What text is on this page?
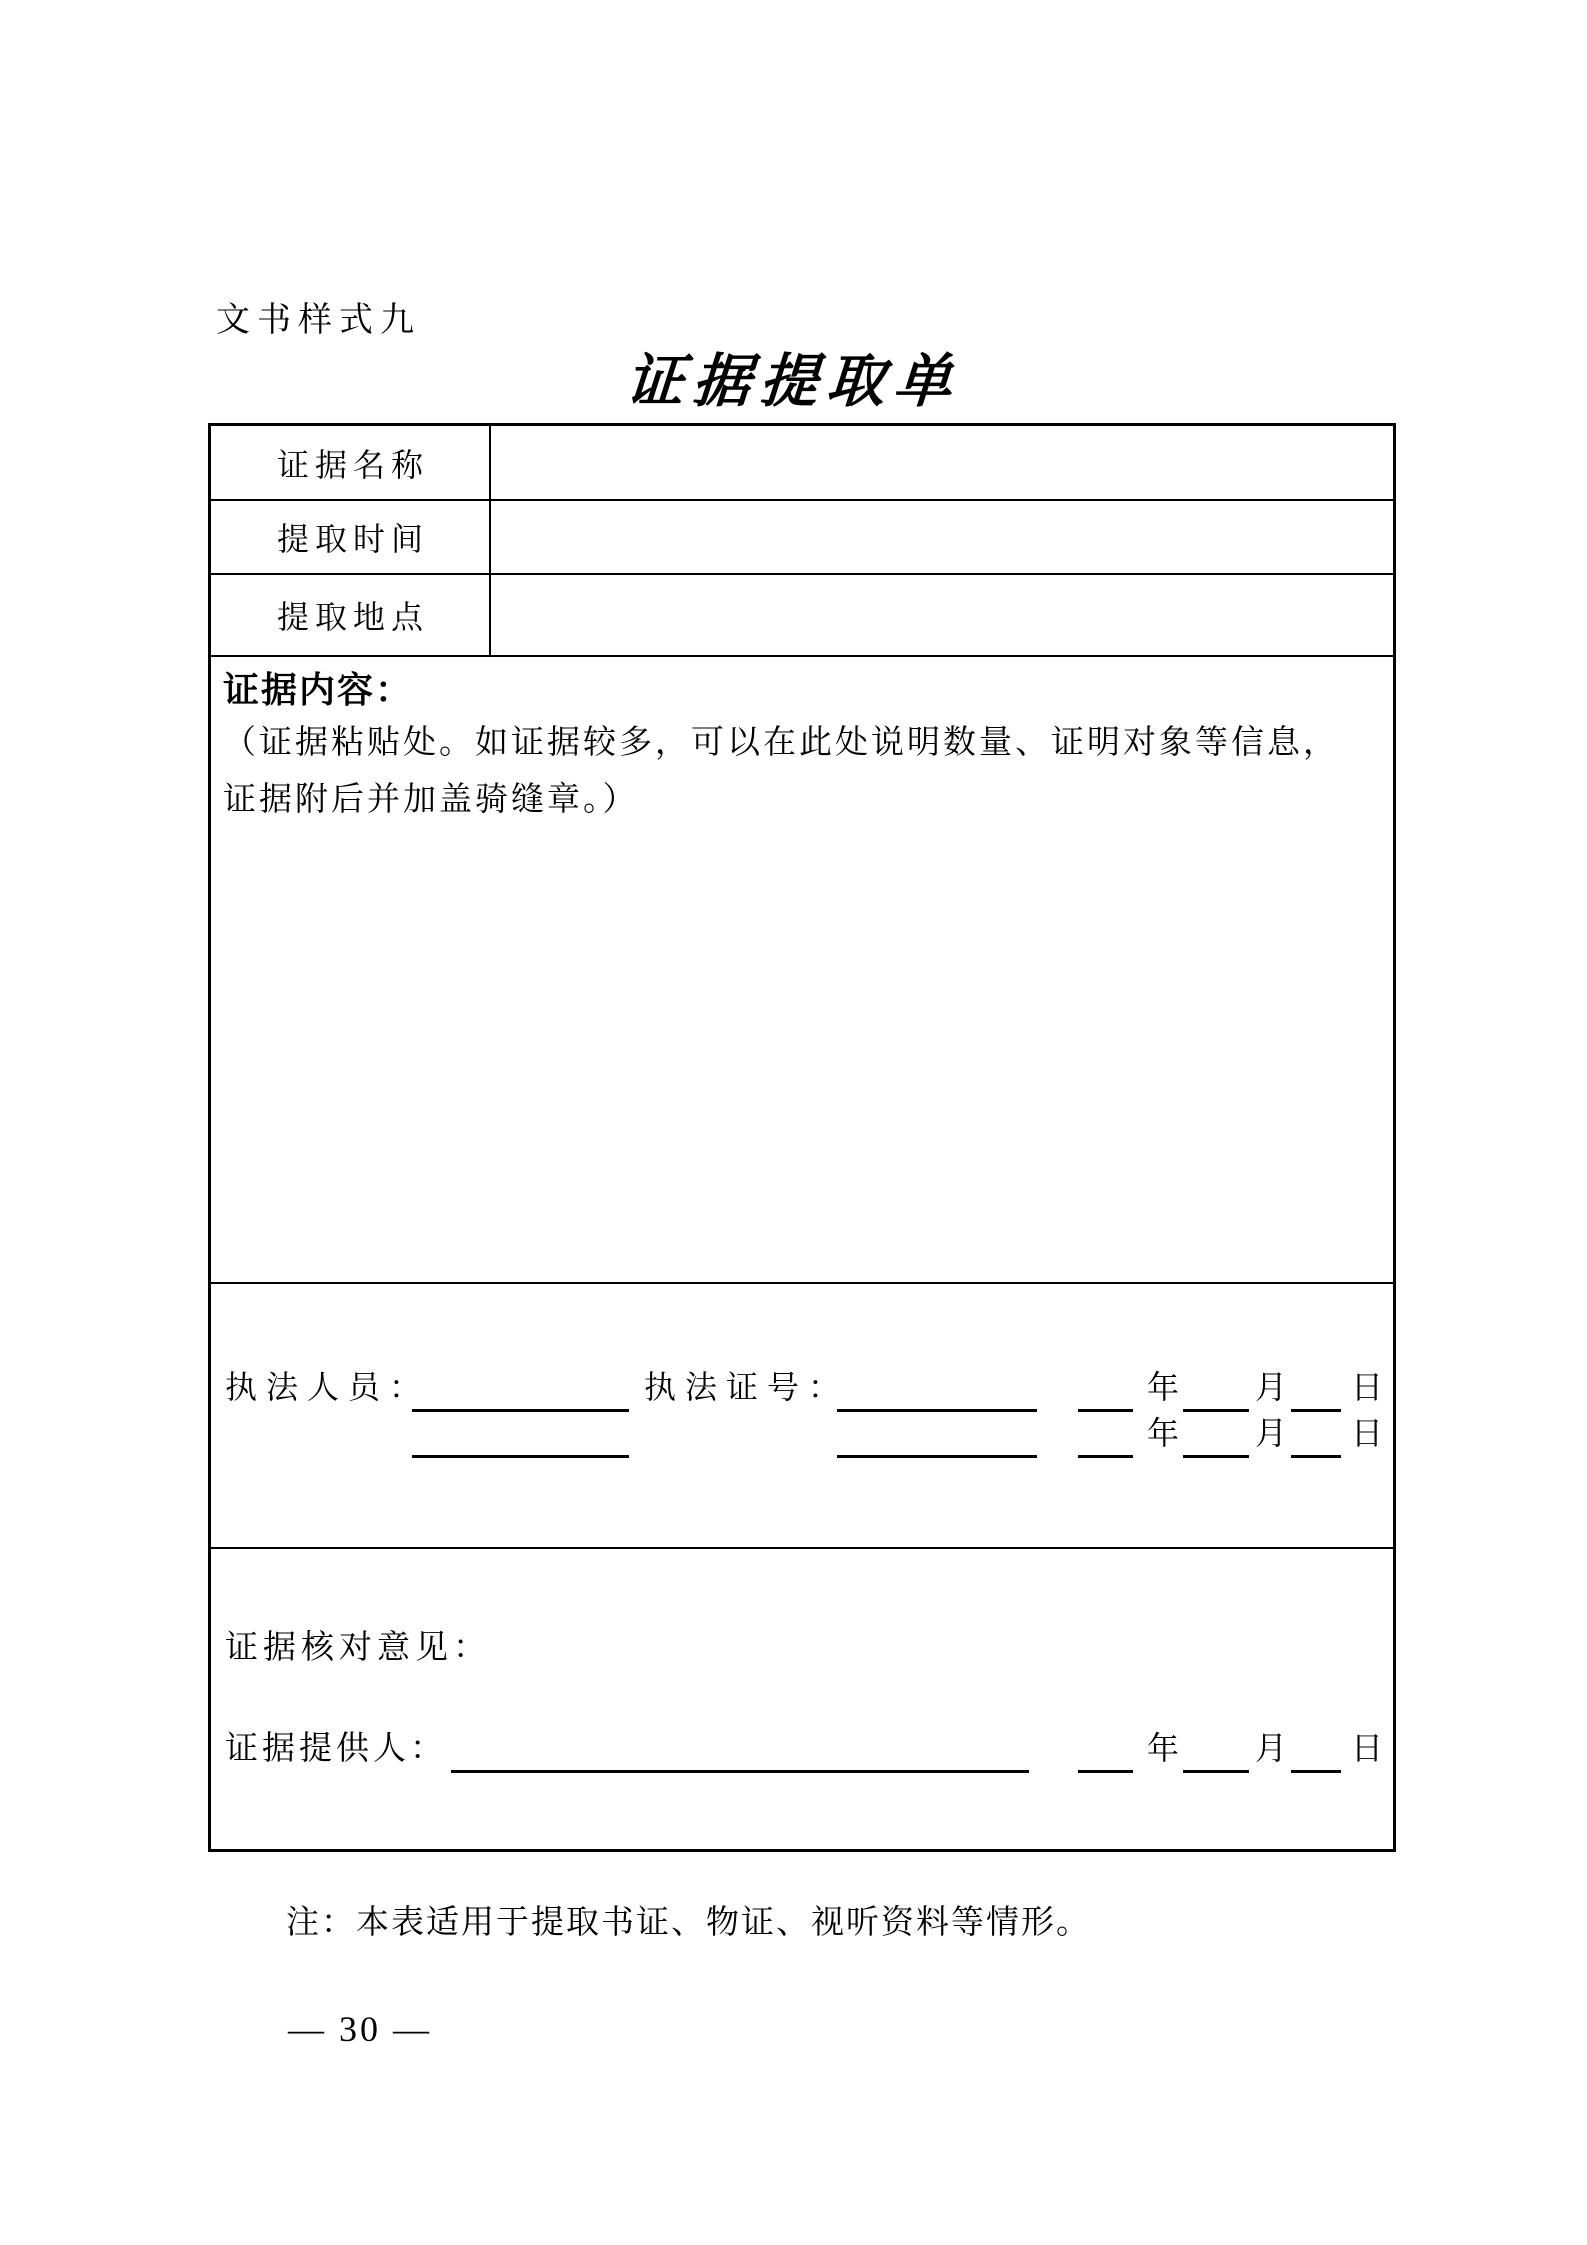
文书样式九
证据提取单
证据名称
提取时间
提取地点
证据内容：
（证据粘贴处。如证据较多，可以在此处说明数量、证明对象等信息，
证据附后并加盖骑缝章。）
执法人员：	执法证号：	年 月 日
年 月 日
证据核对意见：
证据提供人：	年 月 日
注：本表适用于提取书证、物证、视听资料等情形。
— 30 —
